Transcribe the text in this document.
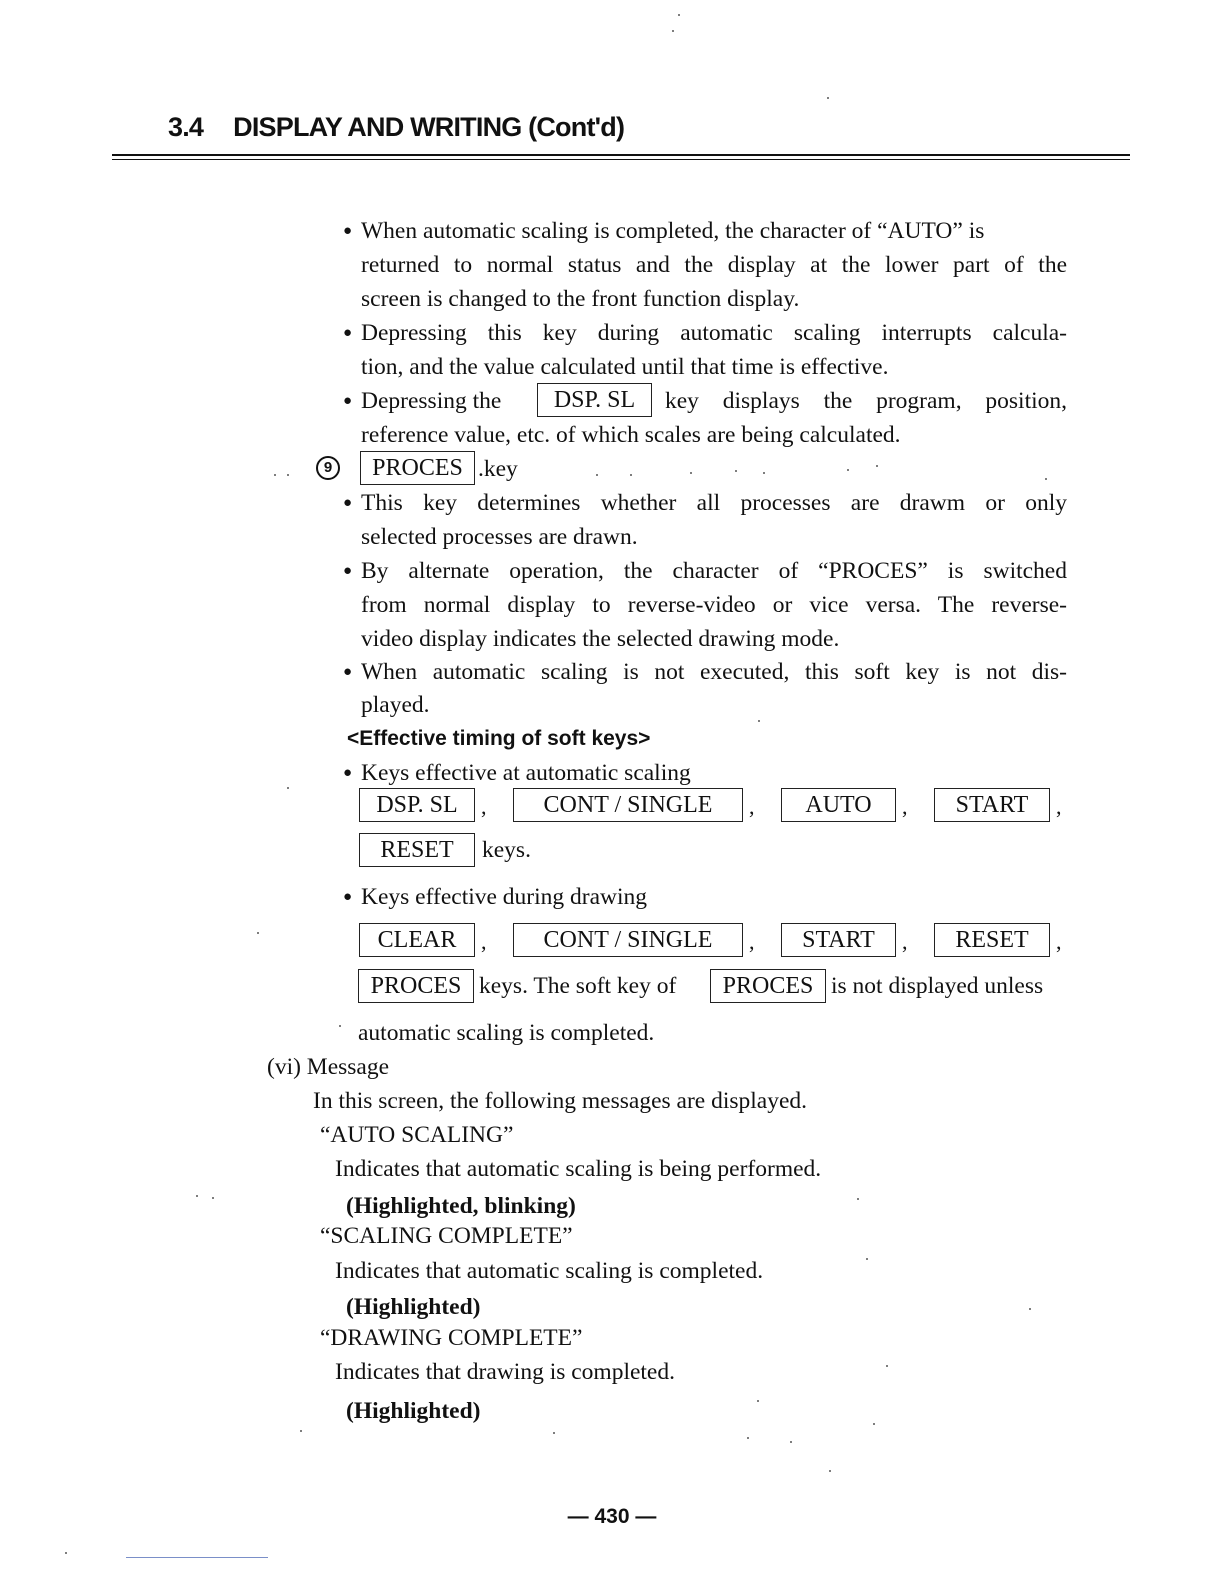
3.4 DISPLAY AND WRITING (Cont'd)
● When automatic scaling is completed, the character of “AUTO” is
returned to normal status and the display at the lower part of the
screen is changed to the front function display.
● Depressing this key during automatic scaling interrupts calcula-
tion, and the value calculated until that time is effective.
● Depressing the	DSP. SL	key displays the program, position,
reference value, etc. of which scales are being calculated.
9	PROCES .key
● This key determines whether all processes are drawm or only
selected processes are drawn.
● By alternate operation, the character of “PROCES” is switched
from normal display to reverse-video or vice versa. The reverse-
video display indicates the selected drawing mode.
● When automatic scaling is not executed, this soft key is not dis-
played.
<Effective timing of soft keys>
● Keys effective at automatic scaling
DSP. SL	,	CONT / SINGLE	,	AUTO	,	START	,
RESET	keys.
● Keys effective during drawing
CLEAR	,	CONT / SINGLE	,	START	,	RESET	,
PROCES keys. The soft key of	PROCES is not displayed unless
automatic scaling is completed.
(vi) Message
In this screen, the following messages are displayed.
“AUTO SCALING”
Indicates that automatic scaling is being performed.
(Highlighted, blinking)
“SCALING COMPLETE”
Indicates that automatic scaling is completed.
(Highlighted)
“DRAWING COMPLETE”
Indicates that drawing is completed.
(Highlighted)
— 430 —
